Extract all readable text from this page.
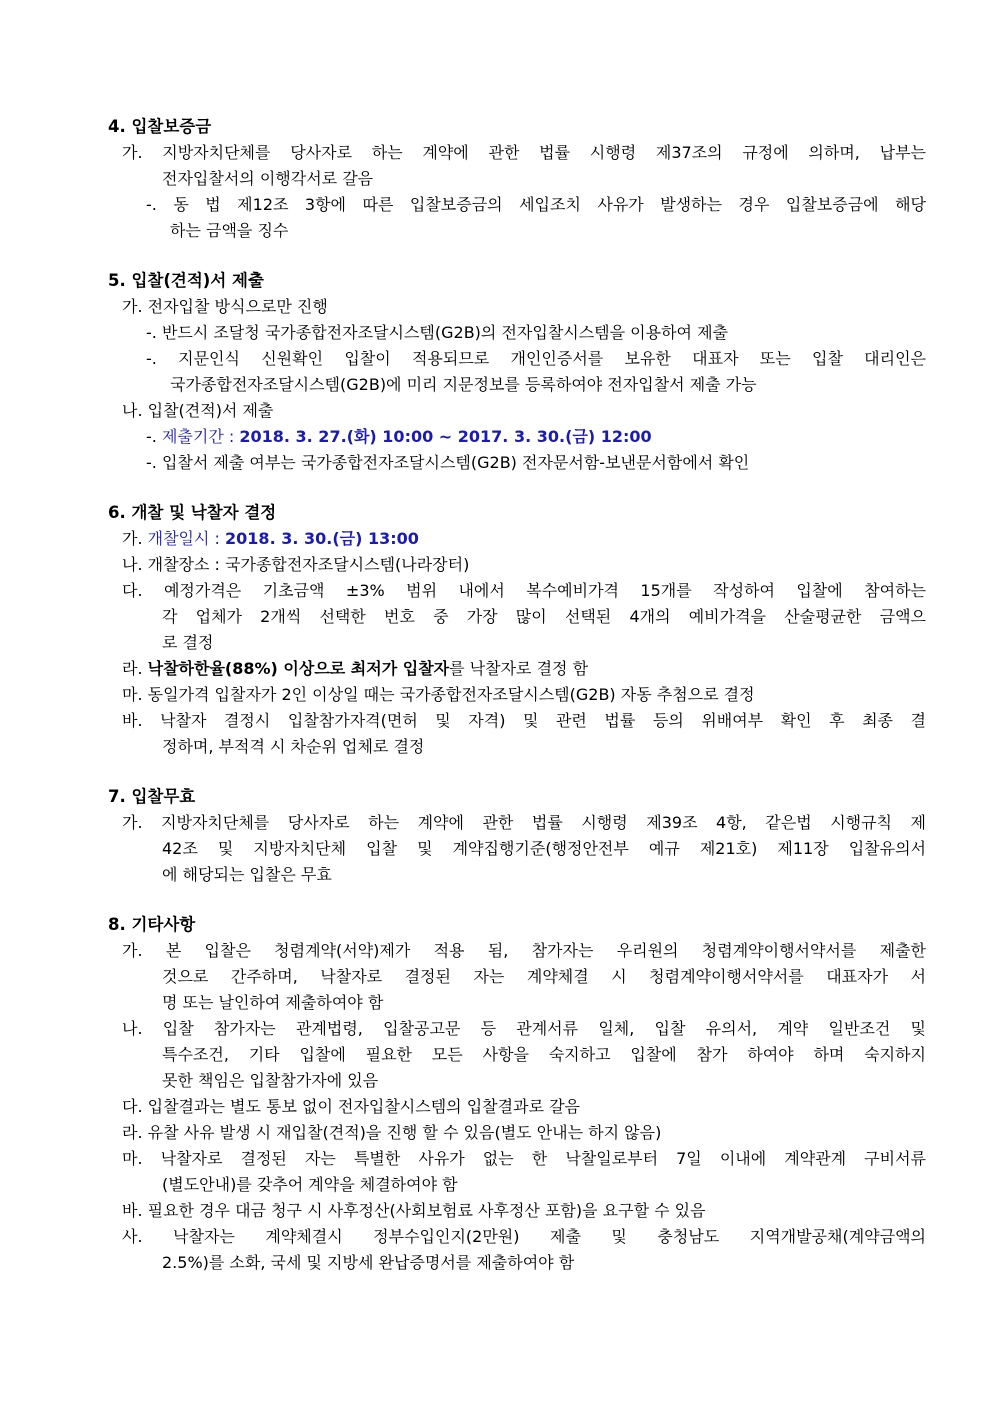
4. 입찰보증금
가. 지방자치단체를 당사자로 하는 계약에 관한 법률 시행령 제37조의 규정에 의하며, 납부는
전자입찰서의 이행각서로 갈음
-. 동 법 제12조 3항에 따른 입찰보증금의 세입조치 사유가 발생하는 경우 입찰보증금에 해당
하는 금액을 징수
5. 입찰(견적)서 제출
가. 전자입찰 방식으로만 진행
-. 반드시 조달청 국가종합전자조달시스템(G2B)의 전자입찰시스템을 이용하여 제출
-. 지문인식 신원확인 입찰이 적용되므로 개인인증서를 보유한 대표자 또는 입찰 대리인은
국가종합전자조달시스템(G2B)에 미리 지문정보를 등록하여야 전자입찰서 제출 가능
나. 입찰(견적)서 제출
-. 제출기간 : 2018. 3. 27.(화) 10:00 ~ 2017. 3. 30.(금) 12:00
-. 입찰서 제출 여부는 국가종합전자조달시스템(G2B) 전자문서함-보낸문서함에서 확인
6. 개찰 및 낙찰자 결정
가. 개찰일시 : 2018. 3. 30.(금) 13:00
나. 개찰장소 : 국가종합전자조달시스템(나라장터)
다. 예정가격은 기초금액 ±3% 범위 내에서 복수예비가격 15개를 작성하여 입찰에 참여하는
각 업체가 2개씩 선택한 번호 중 가장 많이 선택된 4개의 예비가격을 산술평균한 금액으
로 결정
라. 낙찰하한율(88%) 이상으로 최저가 입찰자를 낙찰자로 결정 함
마. 동일가격 입찰자가 2인 이상일 때는 국가종합전자조달시스템(G2B) 자동 추첨으로 결정
바. 낙찰자 결정시 입찰참가자격(면허 및 자격) 및 관련 법률 등의 위배여부 확인 후 최종 결
정하며, 부적격 시 차순위 업체로 결정
7. 입찰무효
가. 지방자치단체를 당사자로 하는 계약에 관한 법률 시행령 제39조 4항, 같은법 시행규칙 제
42조 및 지방자치단체 입찰 및 계약집행기준(행정안전부 예규 제21호) 제11장 입찰유의서
에 해당되는 입찰은 무효
8. 기타사항
가. 본 입찰은 청렴계약(서약)제가 적용 됨, 참가자는 우리원의 청렴계약이행서약서를 제출한
것으로 간주하며, 낙찰자로 결정된 자는 계약체결 시 청렴계약이행서약서를 대표자가 서
명 또는 날인하여 제출하여야 함
나. 입찰 참가자는 관계법령, 입찰공고문 등 관계서류 일체, 입찰 유의서, 계약 일반조건 및
특수조건, 기타 입찰에 필요한 모든 사항을 숙지하고 입찰에 참가 하여야 하며 숙지하지
못한 책임은 입찰참가자에 있음
다. 입찰결과는 별도 통보 없이 전자입찰시스템의 입찰결과로 갈음
라. 유찰 사유 발생 시 재입찰(견적)을 진행 할 수 있음(별도 안내는 하지 않음)
마. 낙찰자로 결정된 자는 특별한 사유가 없는 한 낙찰일로부터 7일 이내에 계약관계 구비서류
(별도안내)를 갖추어 계약을 체결하여야 함
바. 필요한 경우 대금 청구 시 사후정산(사회보험료 사후정산 포함)을 요구할 수 있음
사. 낙찰자는 계약체결시 정부수입인지(2만원) 제출 및 충청남도 지역개발공채(계약금액의
2.5%)를 소화, 국세 및 지방세 완납증명서를 제출하여야 함
